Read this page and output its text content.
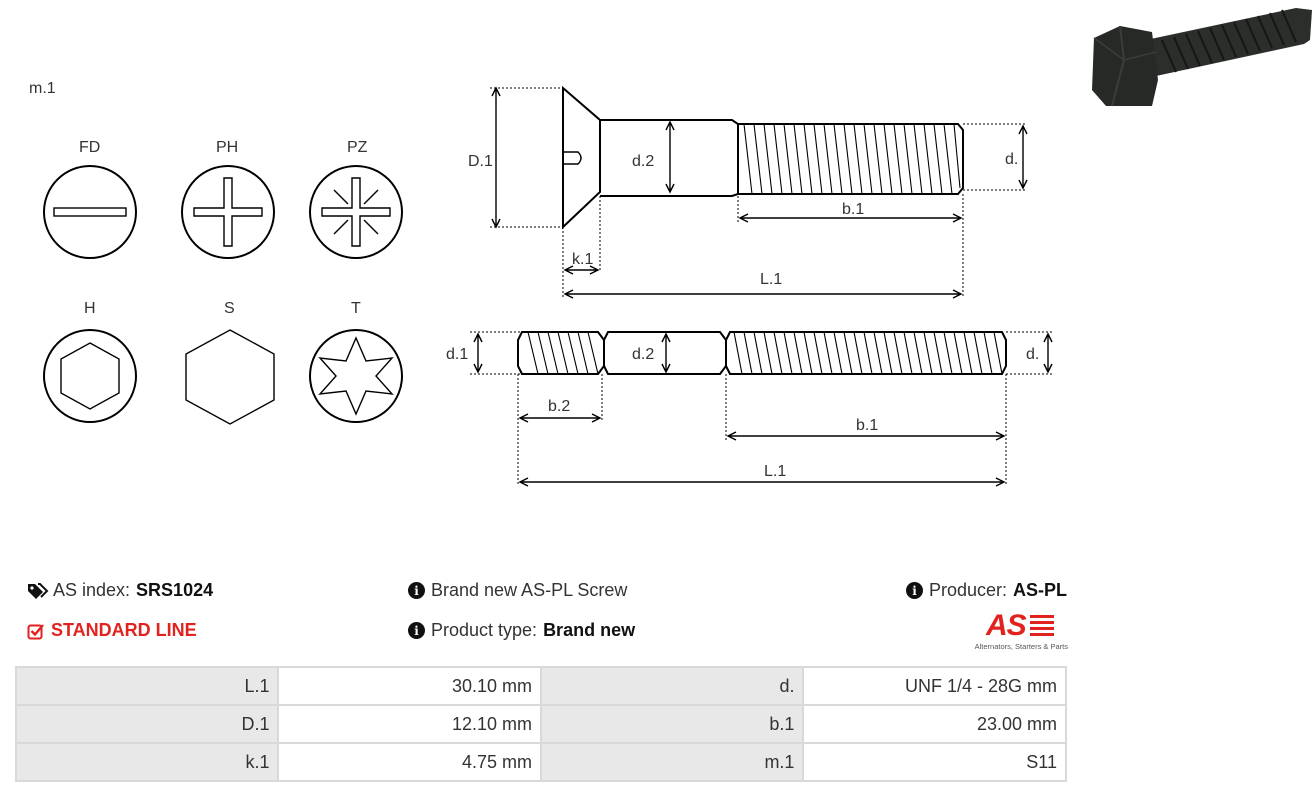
m.1
FD	PH	PZ
H	S	T
D.1	d.2	d.
b.1
k.1
L.1
d.1	d.2	d.
b.2
b.1
L.1
AS index: SRS1024
STANDARD LINE
i Brand new AS-PL Screw
i Product type: Brand new
i Producer: AS-PL
AS
Alternators, Starters & Parts
L.1	30.10 mm	d.	UNF 1/4 - 28G mm
D.1	12.10 mm	b.1	23.00 mm
k.1	4.75 mm	m.1	S11
